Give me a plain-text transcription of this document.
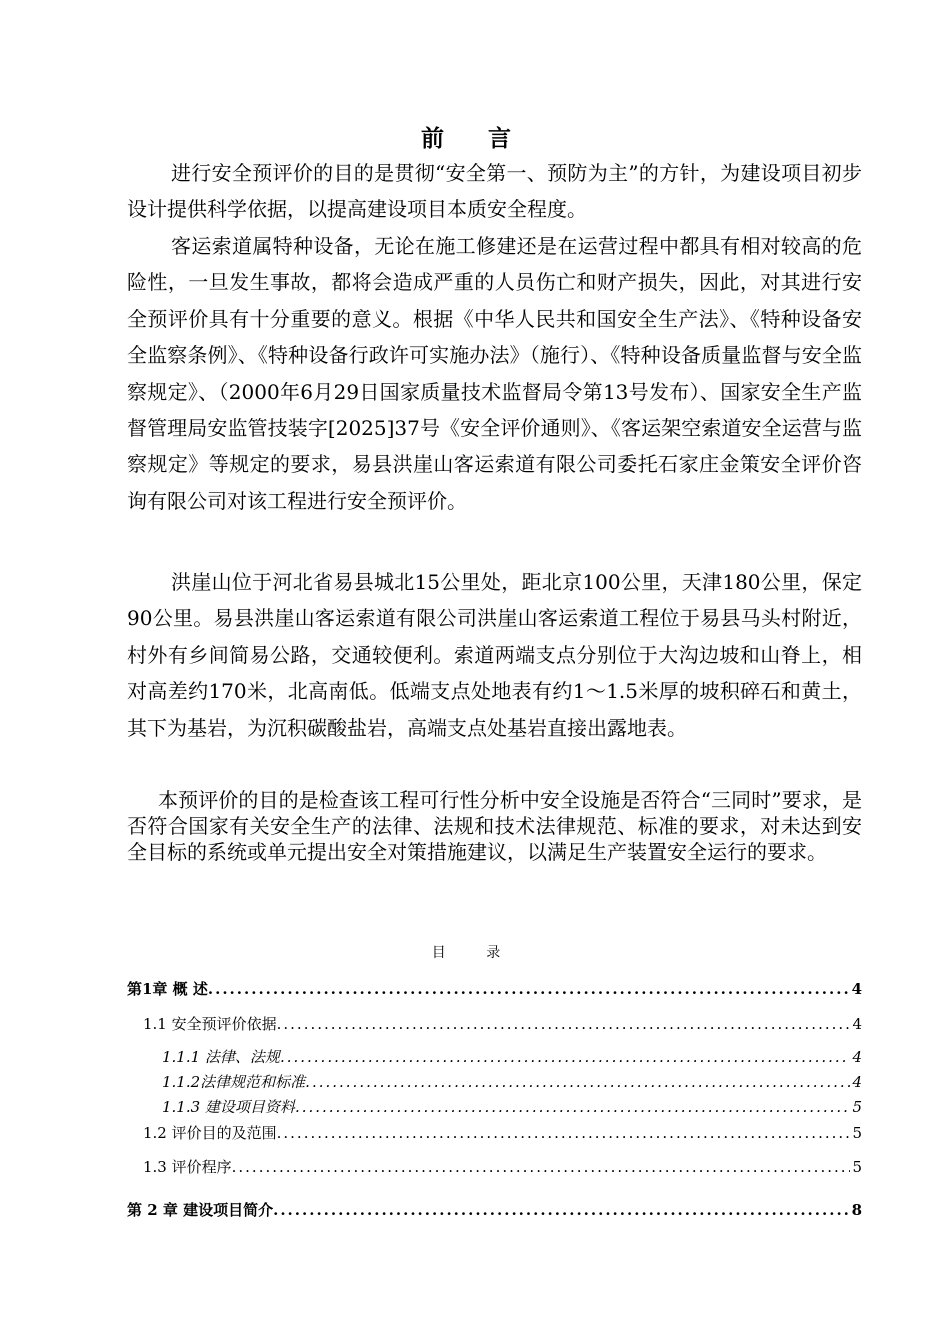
前 言
进行安全预评价的目的是贯彻“安全第一、预防为主”的方针，为建设项目初步设计提供科学依据，以提高建设项目本质安全程度。
客运索道属特种设备，无论在施工修建还是在运营过程中都具有相对较高的危险性，一旦发生事故，都将会造成严重的人员伤亡和财产损失，因此，对其进行安全预评价具有十分重要的意义。根据《中华人民共和国安全生产法》、《特种设备安全监察条例》、《特种设备行政许可实施办法》（施行）、《特种设备质量监督与安全监察规定》、（2000年6月29日国家质量技术监督局令第13号发布）、国家安全生产监督管理局安监管技装字[2025]37号《安全评价通则》、《客运架空索道安全运营与监察规定》等规定的要求，易县洪崖山客运索道有限公司委托石家庄金策安全评价咨询有限公司对该工程进行安全预评价。
洪崖山位于河北省易县城北15公里处，距北京100公里，天津180公里，保定90公里。易县洪崖山客运索道有限公司洪崖山客运索道工程位于易县马头村附近，村外有乡间简易公路，交通较便利。索道两端支点分别位于大沟边坡和山脊上，相对高差约170米，北高南低。低端支点处地表有约1～1.5米厚的坡积碎石和黄土，其下为基岩，为沉积碳酸盐岩，高端支点处基岩直接出露地表。
本预评价的目的是检查该工程可行性分析中安全设施是否符合“三同时”要求，是否符合国家有关安全生产的法律、法规和技术法律规范、标准的要求，对未达到安全目标的系统或单元提出安全对策措施建议，以满足生产装置安全运行的要求。
目 录
第1章 概 述 .....	4
1.1 安全预评价依据 .....	4
1.1.1 法律、法规 .....	4
1.1.2法律规范和标准 .....	4
1.1.3 建设项目资料 .....	5
1.2 评价目的及范围 .....	5
1.3 评价程序 .....	5
第 2 章 建设项目简介 .....	8
